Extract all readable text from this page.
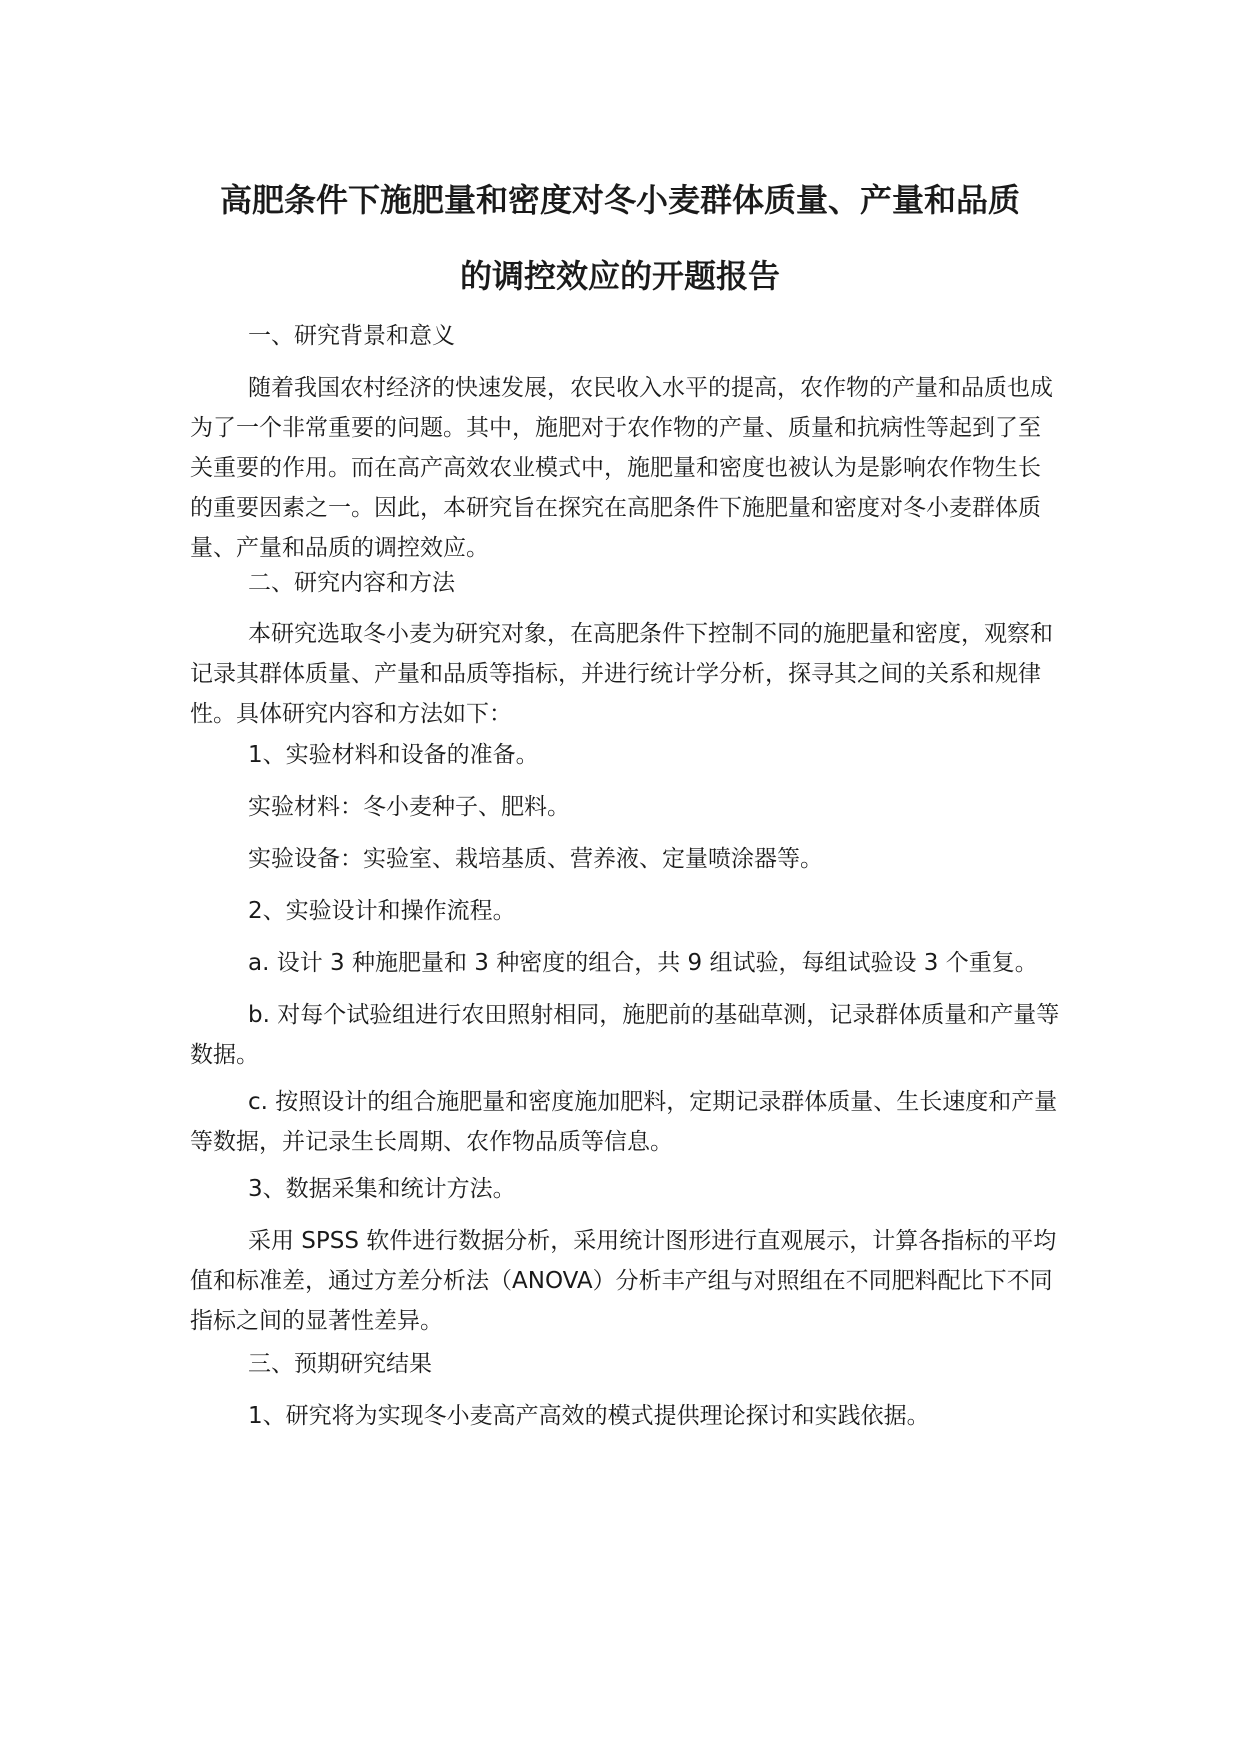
高肥条件下施肥量和密度对冬小麦群体质量、产量和品质
的调控效应的开题报告

一、研究背景和意义

随着我国农村经济的快速发展，农民收入水平的提高，农作物的产量和品质也成为了一个非常重要的问题。其中，施肥对于农作物的产量、质量和抗病性等起到了至关重要的作用。而在高产高效农业模式中，施肥量和密度也被认为是影响农作物生长的重要因素之一。因此，本研究旨在探究在高肥条件下施肥量和密度对冬小麦群体质量、产量和品质的调控效应。

二、研究内容和方法

本研究选取冬小麦为研究对象，在高肥条件下控制不同的施肥量和密度，观察和记录其群体质量、产量和品质等指标，并进行统计学分析，探寻其之间的关系和规律性。具体研究内容和方法如下：

1、实验材料和设备的准备。

实验材料：冬小麦种子、肥料。

实验设备：实验室、栽培基质、营养液、定量喷涂器等。

2、实验设计和操作流程。

a. 设计 3 种施肥量和 3 种密度的组合，共 9 组试验，每组试验设 3 个重复。

b. 对每个试验组进行农田照射相同，施肥前的基础草测，记录群体质量和产量等数据。

c. 按照设计的组合施肥量和密度施加肥料，定期记录群体质量、生长速度和产量等数据，并记录生长周期、农作物品质等信息。

3、数据采集和统计方法。

采用 SPSS 软件进行数据分析，采用统计图形进行直观展示，计算各指标的平均值和标准差，通过方差分析法（ANOVA）分析丰产组与对照组在不同肥料配比下不同指标之间的显著性差异。

三、预期研究结果

1、研究将为实现冬小麦高产高效的模式提供理论探讨和实践依据。
